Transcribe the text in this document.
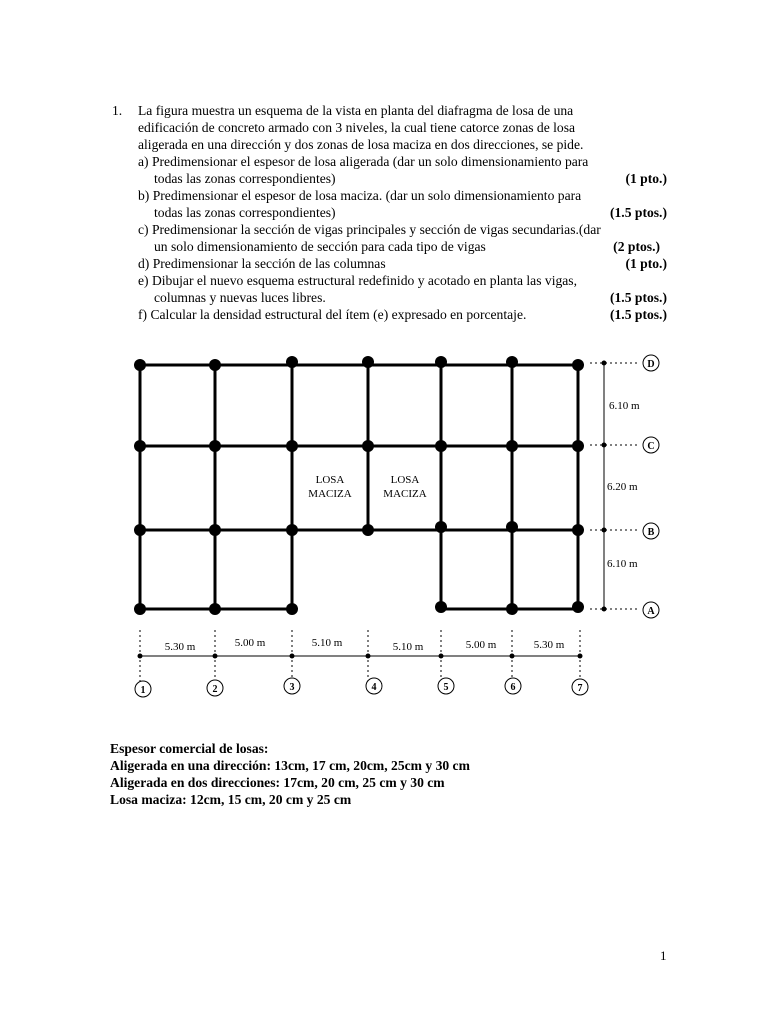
1.	La figura muestra un esquema de la vista en planta del diafragma de losa de una
edificación de concreto armado con 3 niveles, la cual tiene catorce zonas de losa
aligerada en una dirección y dos zonas de losa maciza en dos direcciones, se pide.
a) Predimensionar el espesor de losa aligerada (dar un solo dimensionamiento para
todas las zonas correspondientes)	(1 pto.)
b) Predimensionar el espesor de losa maciza. (dar un solo dimensionamiento para
todas las zonas correspondientes)	(1.5 ptos.)
c) Predimensionar la sección de vigas principales y sección de vigas secundarias.(dar
un solo dimensionamiento de sección para cada tipo de vigas	(2 ptos.)
d) Predimensionar la sección de las columnas	(1 pto.)
e) Dibujar el nuevo esquema estructural redefinido y acotado en planta las vigas,
columnas y nuevas luces libres.	(1.5 ptos.)
f) Calcular la densidad estructural del ítem (e) expresado en porcentaje.	(1.5 ptos.)
LOSA
MACIZA
LOSA
MACIZA
6.10 m
6.20 m
6.10 m
D
C
B
A
5.30 m	5.00 m	5.10 m	5.10 m	5.00 m	5.30 m
1	2	3	4	5	6	7
Espesor comercial de losas:
Aligerada en una dirección: 13cm, 17 cm, 20cm, 25cm y 30 cm
Aligerada en dos direcciones: 17cm, 20 cm, 25 cm y 30 cm
Losa maciza: 12cm, 15 cm, 20 cm y 25 cm
1
